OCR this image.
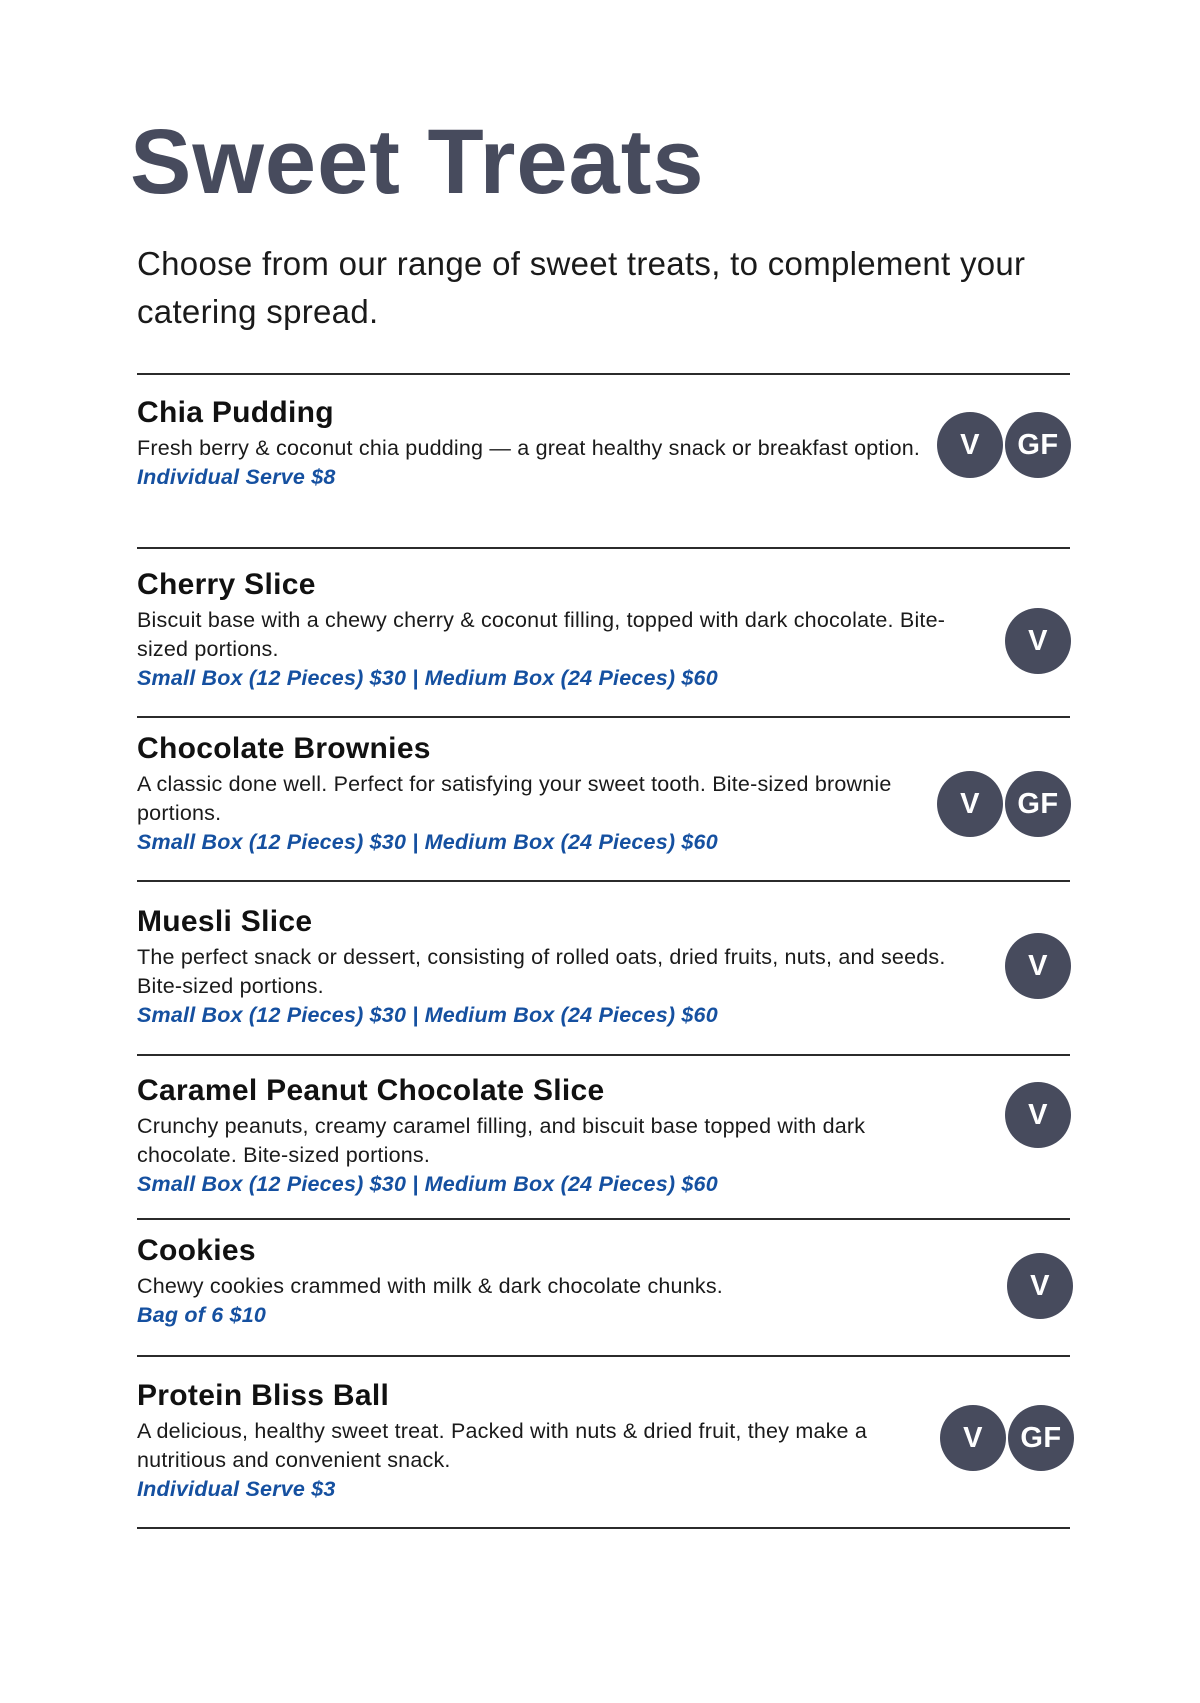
Sweet Treats

Choose from our range of sweet treats, to complement your catering spread.

Chia Pudding

Fresh berry & coconut chia pudding — a great healthy snack or breakfast option.

Individual Serve $8

V	GF
Cherry Slice

Biscuit base with a chewy cherry & coconut filling, topped with dark chocolate. Bite-sized portions.

Small Box (12 Pieces) $30 | Medium Box (24 Pieces) $60

V
Chocolate Brownies

A classic done well. Perfect for satisfying your sweet tooth. Bite-sized brownie portions.

Small Box (12 Pieces) $30 | Medium Box (24 Pieces) $60

V	GF
Muesli Slice

The perfect snack or dessert, consisting of rolled oats, dried fruits, nuts, and seeds. Bite-sized portions.

Small Box (12 Pieces) $30 | Medium Box (24 Pieces) $60

V
Caramel Peanut Chocolate Slice

Crunchy peanuts, creamy caramel filling, and biscuit base topped with dark chocolate. Bite-sized portions.

Small Box (12 Pieces) $30 | Medium Box (24 Pieces) $60

V
Cookies

Chewy cookies crammed with milk & dark chocolate chunks.

Bag of 6 $10

V
Protein Bliss Ball

A delicious, healthy sweet treat. Packed with nuts & dried fruit, they make a nutritious and convenient snack.

Individual Serve $3

V	GF
